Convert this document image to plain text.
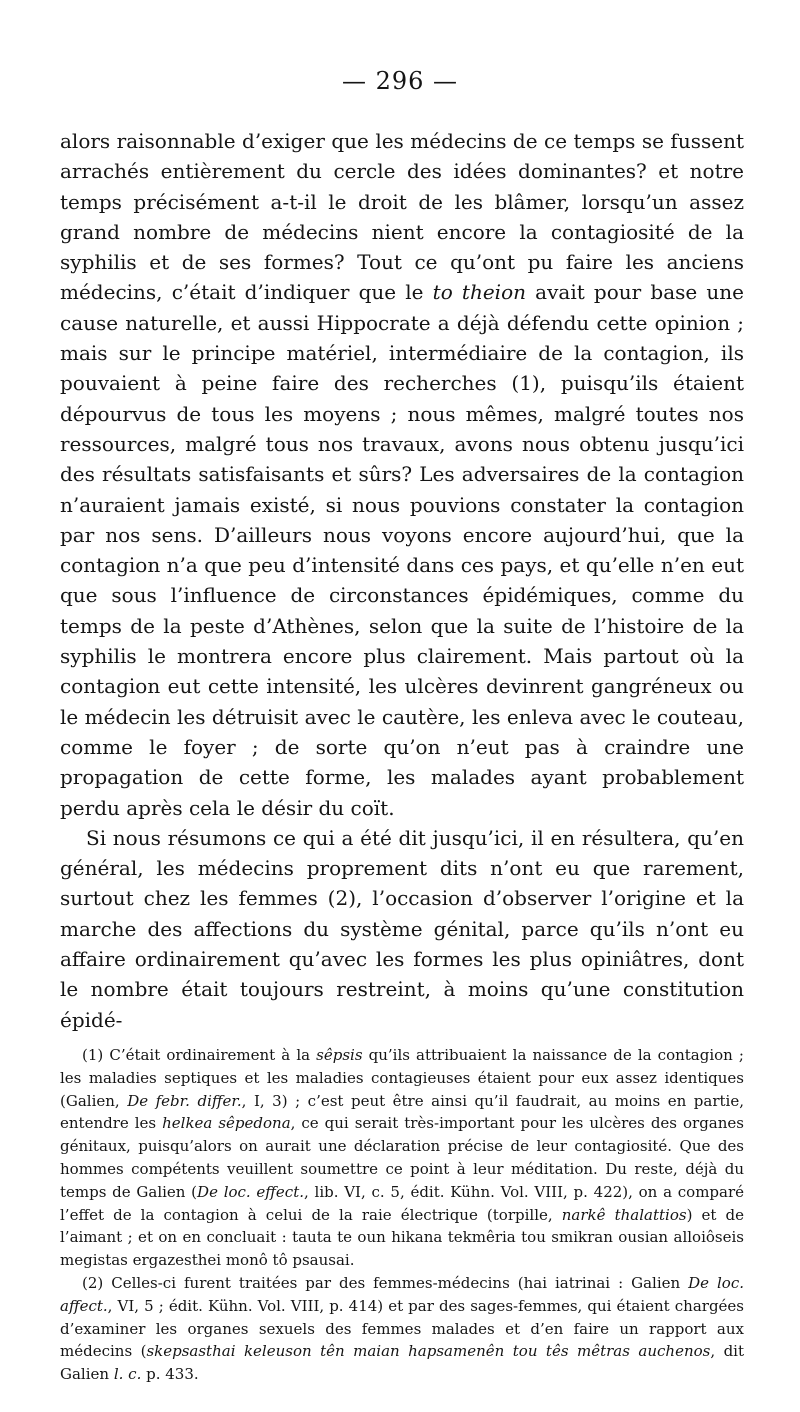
— 296 —

alors raisonnable d’exiger que les médecins de ce temps se fussent arrachés entièrement du cercle des idées dominantes? et notre temps précisément a-t-il le droit de les blâmer, lorsqu’un assez grand nombre de médecins nient encore la contagiosité de la syphilis et de ses formes? Tout ce qu’ont pu faire les anciens médecins, c’était d’indiquer que le to theion avait pour base une cause naturelle, et aussi Hippocrate a déjà défendu cette opinion ; mais sur le principe matériel, intermédiaire de la contagion, ils pouvaient à peine faire des recherches (1), puisqu’ils étaient dépourvus de tous les moyens ; nous mêmes, malgré toutes nos ressources, malgré tous nos travaux, avons nous obtenu jusqu’ici des résultats satisfaisants et sûrs? Les adversaires de la contagion n’auraient jamais existé, si nous pouvions constater la contagion par nos sens. D’ailleurs nous voyons encore aujourd’hui, que la contagion n’a que peu d’intensité dans ces pays, et qu’elle n’en eut que sous l’influence de circonstances épidémiques, comme du temps de la peste d’Athènes, selon que la suite de l’histoire de la syphilis le montrera encore plus clairement. Mais partout où la contagion eut cette intensité, les ulcères devinrent gangréneux ou le médecin les détruisit avec le cautère, les enleva avec le couteau, comme le foyer ; de sorte qu’on n’eut pas à craindre une propagation de cette forme, les malades ayant probablement perdu après cela le désir du coït.

Si nous résumons ce qui a été dit jusqu’ici, il en résultera, qu’en général, les médecins proprement dits n’ont eu que rarement, surtout chez les femmes (2), l’occasion d’observer l’origine et la marche des affections du système génital, parce qu’ils n’ont eu affaire ordinairement qu’avec les formes les plus opiniâtres, dont le nombre était toujours restreint, à moins qu’une constitution épidé-

(1) C’était ordinairement à la sêpsis qu’ils attribuaient la naissance de la contagion ; les maladies septiques et les maladies contagieuses étaient pour eux assez identiques (Galien, De febr. differ., I, 3) ; c’est peut être ainsi qu’il faudrait, au moins en partie, entendre les helkea sêpedona, ce qui serait très-important pour les ulcères des organes génitaux, puisqu’alors on aurait une déclaration précise de leur contagiosité. Que des hommes compétents veuillent soumettre ce point à leur méditation. Du reste, déjà du temps de Galien (De loc. effect., lib. VI, c. 5, édit. Kühn. Vol. VIII, p. 422), on a comparé l’effet de la contagion à celui de la raie électrique (torpille, narkê thalattios) et de l’aimant ; et on en concluait : tauta te oun hikana tekmêria tou smikran ousian alloiôseis megistas ergazesthei monô tô psausai.

(2) Celles-ci furent traitées par des femmes-médecins (hai iatrinai : Galien De loc. affect., VI, 5 ; édit. Kühn. Vol. VIII, p. 414) et par des sages-femmes, qui étaient chargées d’examiner les organes sexuels des femmes malades et d’en faire un rapport aux médecins (skepsasthai keleuson tên maian hapsamenên tou tês mêtras auchenos, dit Galien l. c. p. 433.
